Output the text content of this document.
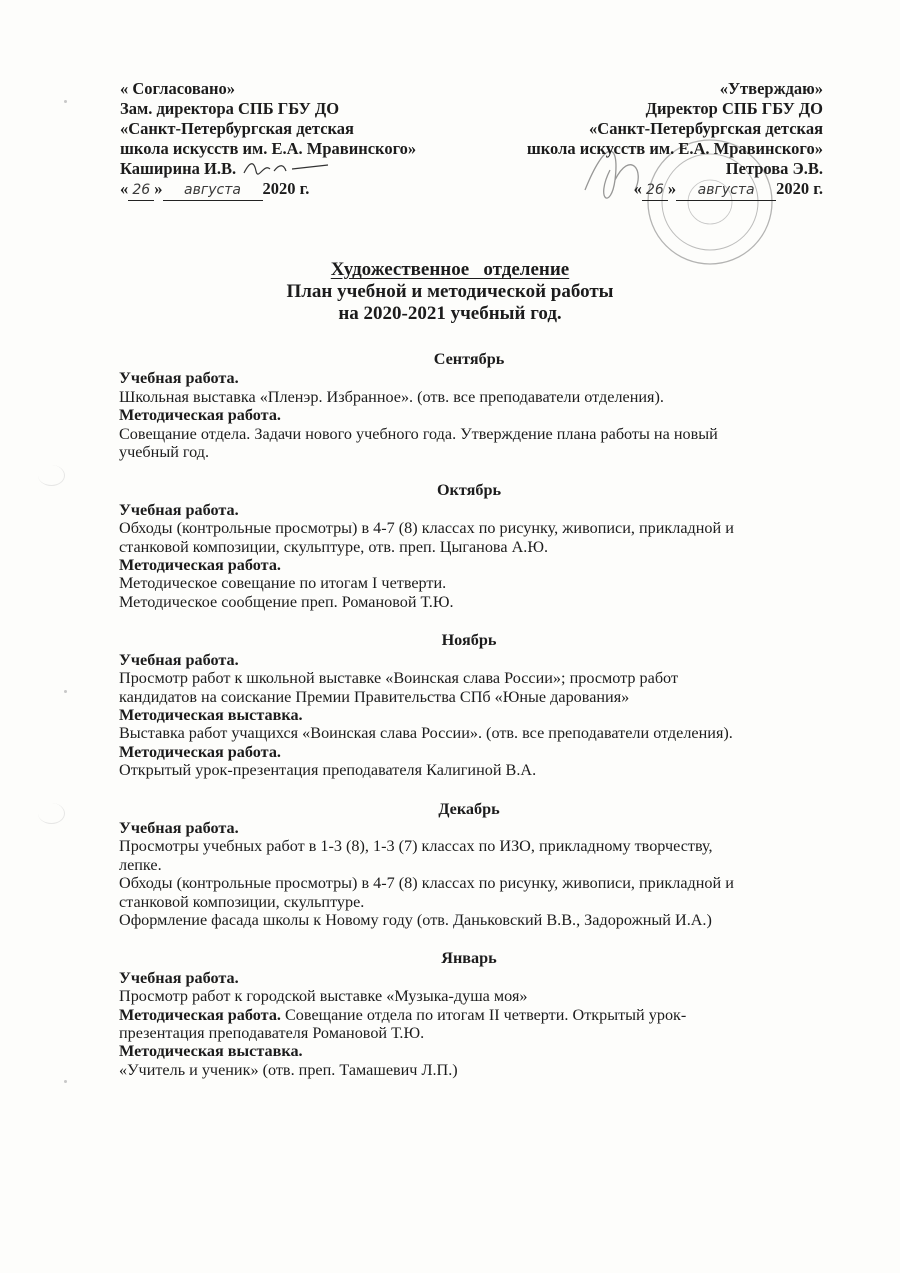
« Согласовано»
Зам. директора СПБ ГБУ ДО
«Санкт-Петербургская детская
школа искусств им. Е.А. Мравинского»
Каширина И.В.
« 26 » августа 2020 г.
«Утверждаю»
Директор СПБ ГБУ ДО
«Санкт-Петербургская детская
школа искусств им. Е.А. Мравинского»
Петрова Э.В.
« 26 » августа 2020 г.
Художественное   отделение
План учебной и методической работы
на 2020-2021 учебный год.
Сентябрь
Учебная работа.
Школьная выставка «Пленэр. Избранное». (отв. все преподаватели отделения).
Методическая работа.
Совещание отдела. Задачи нового учебного года. Утверждение плана работы на новый
учебный год.
Октябрь
Учебная работа.
Обходы (контрольные просмотры) в 4-7 (8) классах по рисунку, живописи, прикладной и
станковой композиции, скульптуре, отв. преп. Цыганова А.Ю.
Методическая работа.
Методическое совещание по итогам I четверти.
Методическое сообщение преп. Романовой Т.Ю.
Ноябрь
Учебная работа.
Просмотр работ к школьной выставке «Воинская слава России»; просмотр работ
кандидатов на соискание Премии Правительства СПб «Юные дарования»
Методическая выставка.
Выставка работ учащихся «Воинская слава России». (отв. все преподаватели отделения).
Методическая работа.
Открытый урок-презентация преподавателя Калигиной В.А.
Декабрь
Учебная работа.
Просмотры учебных работ в 1-3 (8), 1-3 (7) классах по ИЗО, прикладному творчеству,
лепке.
Обходы (контрольные просмотры) в 4-7 (8) классах по рисунку, живописи, прикладной и
станковой композиции, скульптуре.
Оформление фасада школы к Новому году (отв. Даньковский В.В., Задорожный И.А.)
Январь
Учебная работа.
Просмотр работ к городской выставке «Музыка-душа моя»
Методическая работа. Совещание отдела по итогам II четверти. Открытый урок-
презентация преподавателя Романовой Т.Ю.
Методическая выставка.
«Учитель и ученик» (отв. преп. Тамашевич Л.П.)
